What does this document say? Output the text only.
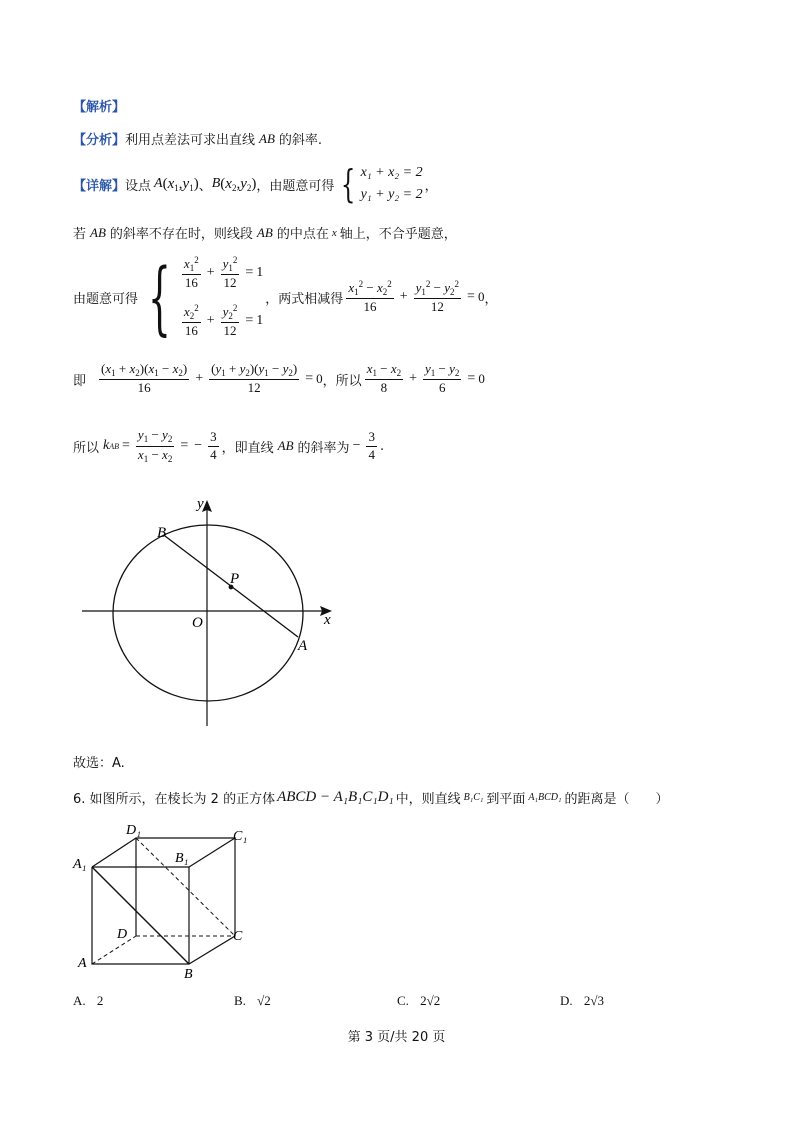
【解析】
【分析】 利用点差法可求出直线 AB 的斜率.
【详解】 设点 A $(x_1,y_1)$ 、 B $(x_2,y_2)$ ，由题意可得 { x₁ + x₂ = 2
y₁ + y₂ = 2
，
若 AB 的斜率不存在时，则线段 AB 的中点在 x 轴上，不合乎题意，
由题意可得 { $\frac{x_1^2}{16} + \frac{y_1^2}{12} = 1$
$\frac{x_2^2}{16} + \frac{y_2^2}{12} = 1$
，两式相减得 $\frac{x_1^2 - x_2^2}{16} + \frac{y_1^2 - y_2^2}{12} = 0$ ，
即 $\frac{(x_1 + x_2)(x_1 - x_2)}{16} + \frac{(y_1 + y_2)(y_1 - y_2)}{12} = 0$ ，所以 $\frac{x_1 - x_2}{8} + \frac{y_1 - y_2}{6} = 0$
所以 k AB = $\frac{y_1 - y_2}{x_1 - x_2}$ = − $\frac{3}{4}$ ，即直线 AB 的斜率为 − $\frac{3}{4}$ .
y
x
O
B
P
A
故选：A.
6. 如图所示，在棱长为 2 的正方体 ABCD − A₁B₁C₁D₁ 中，则直线 B₁C₁ 到平面 A₁BCD₁ 的距离是（　　）
D₁	C₁
A₁	B₁
D	C
A
B
A. 2	B. √2	C. 2√2	D. 2√3
第 3 页/共 20 页
